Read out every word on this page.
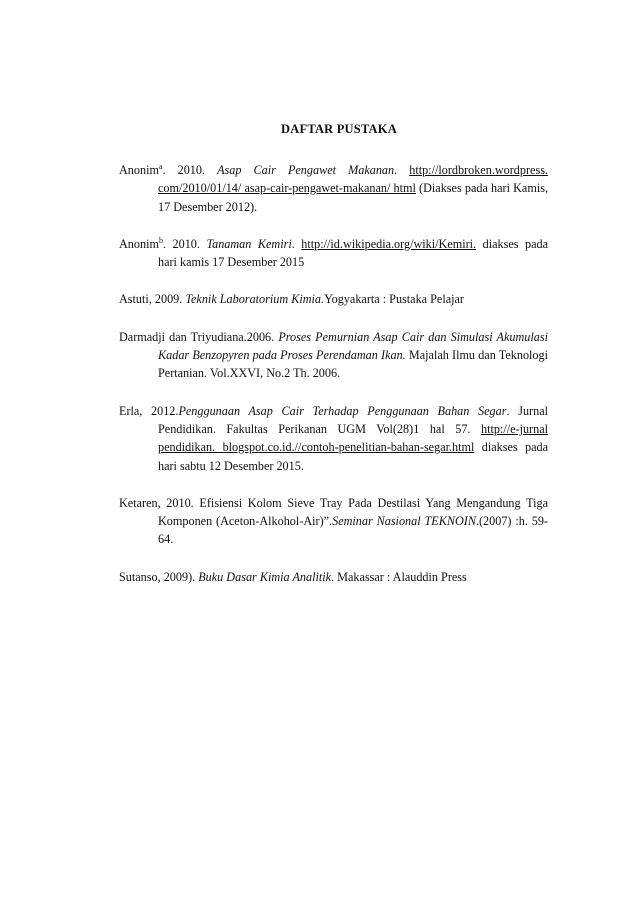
DAFTAR PUSTAKA

Anonim$^a$. 2010. Asap Cair Pengawet Makanan. http://lordbroken.wordpress. com/2010/01/14/ asap-cair-pengawet-makanan/ html (Diakses pada hari Kamis, 17 Desember 2012).

Anonim$^b$. 2010. Tanaman Kemiri. http://id.wikipedia.org/wiki/Kemiri. diakses pada hari kamis 17 Desember 2015

Astuti, 2009. Teknik Laboratorium Kimia.Yogyakarta : Pustaka Pelajar

Darmadji dan Triyudiana.2006. Proses Pemurnian Asap Cair dan Simulasi Akumulasi Kadar Benzopyren pada Proses Perendaman Ikan. Majalah Ilmu dan Teknologi Pertanian. Vol.XXVI, No.2 Th. 2006.

Erla, 2012.Penggunaan Asap Cair Terhadap Penggunaan Bahan Segar. Jurnal Pendidikan. Fakultas Perikanan UGM Vol(28)1 hal 57. http://e-jurnal pendidikan. blogspot.co.id.//contoh-penelitian-bahan-segar.html diakses pada hari sabtu 12 Desember 2015.

Ketaren, 2010. Efisiensi Kolom Sieve Tray Pada Destilasi Yang Mengandung Tiga Komponen (Aceton-Alkohol-Air)”.Seminar Nasional TEKNOIN.(2007) :h. 59-64.

Sutanso, 2009). Buku Dasar Kimia Analitik. Makassar : Alauddin Press
